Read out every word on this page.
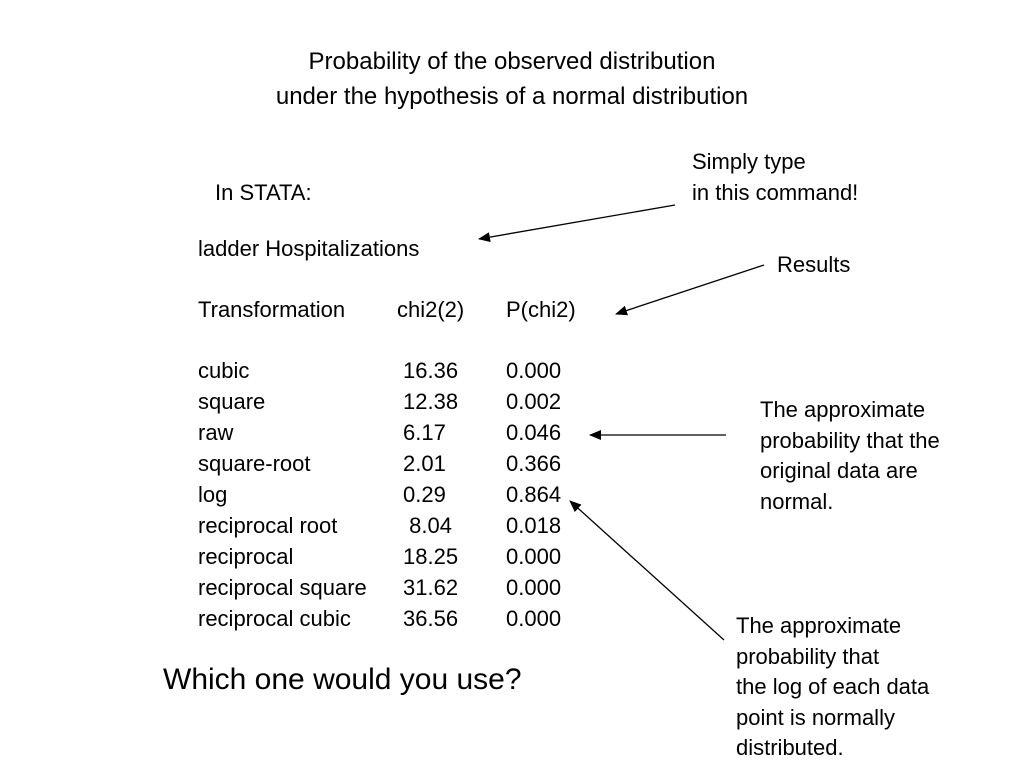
Probability of the observed distribution
under the hypothesis of a normal distribution
In STATA:
ladder Hospitalizations
Transformation chi2(2) P(chi2)
cubic	16.36 0.000
square	12.38 0.002
raw	6.17	0.046
square-root	2.01	0.366
log	0.29	0.864
reciprocal root	8.04 0.018
reciprocal	18.25 0.000
reciprocal square 31.62 0.000
reciprocal cubic 36.56 0.000
Simply type
in this command!
Results
The approximate
probability that the
original data are
normal.
The approximate
probability that
the log of each data
point is normally
distributed.
Which one would you use?
